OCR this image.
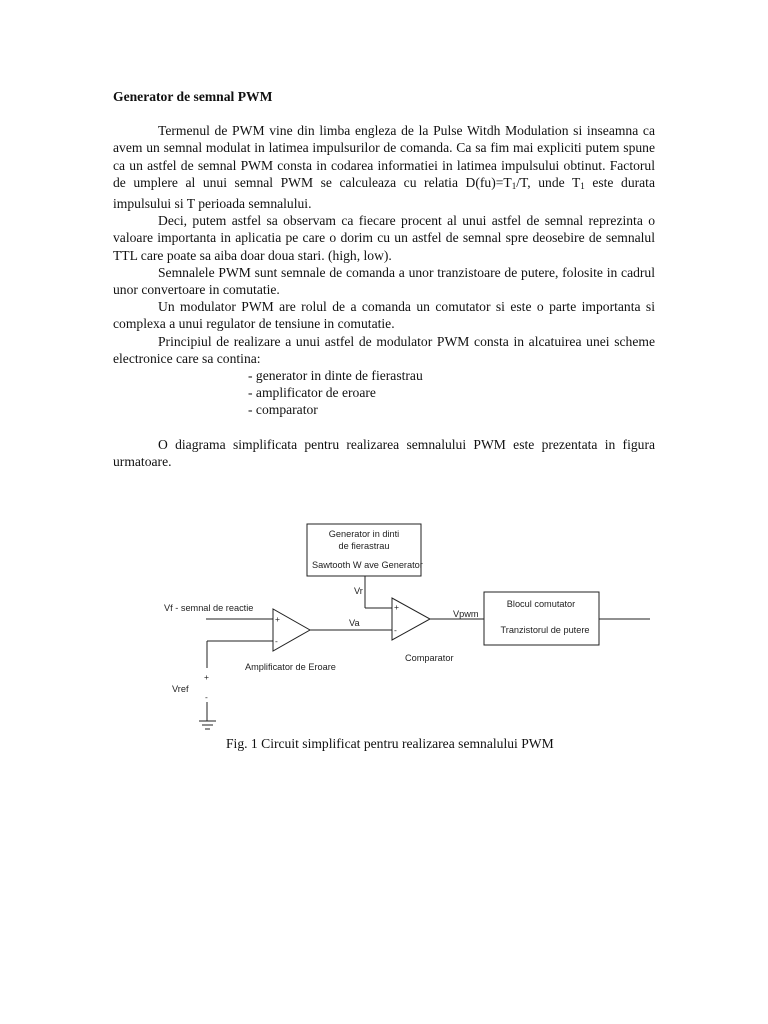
Generator de semnal PWM

Termenul de PWM vine din limba engleza de la Pulse Witdh Modulation si inseamna ca avem un semnal modulat in latimea impulsurilor de comanda. Ca sa fim mai expliciti putem spune ca un astfel de semnal PWM consta in codarea informatiei in latimea impulsului obtinut. Factorul de umplere al unui semnal PWM se calculeaza cu relatia $D(fu)=T_1/T$, unde $T_1$ este durata impulsului si T perioada semnalului.

Deci, putem astfel sa observam ca fiecare procent al unui astfel de semnal reprezinta o valoare importanta in aplicatia pe care o dorim cu un astfel de semnal spre deosebire de semnalul TTL care poate sa aiba doar doua stari. (high, low).

Semnalele PWM sunt semnale de comanda a unor tranzistoare de putere, folosite in cadrul unor convertoare in comutatie.

Un modulator PWM are rolul de a comanda un comutator si este o parte importanta si complexa a unui regulator de tensiune in comutatie.

Principiul de realizare a unui astfel de modulator PWM consta in alcatuirea unei scheme electronice care sa contina:

- generator in dinte de fierastrau
- amplificator de eroare
- comparator

O diagrama simplificata pentru realizarea semnalului PWM este prezentata in figura urmatoare.

Generator in dinti
de fierastrau
Sawtooth W ave Generator
Vr
Vf - semnal de reactie
Va
Vpwm
Blocul comutator
Tranzistorul de putere
Amplificator de Eroare
Comparator
Vref
+
-
+
-
+
-
Fig. 1 Circuit simplificat pentru realizarea semnalului PWM
